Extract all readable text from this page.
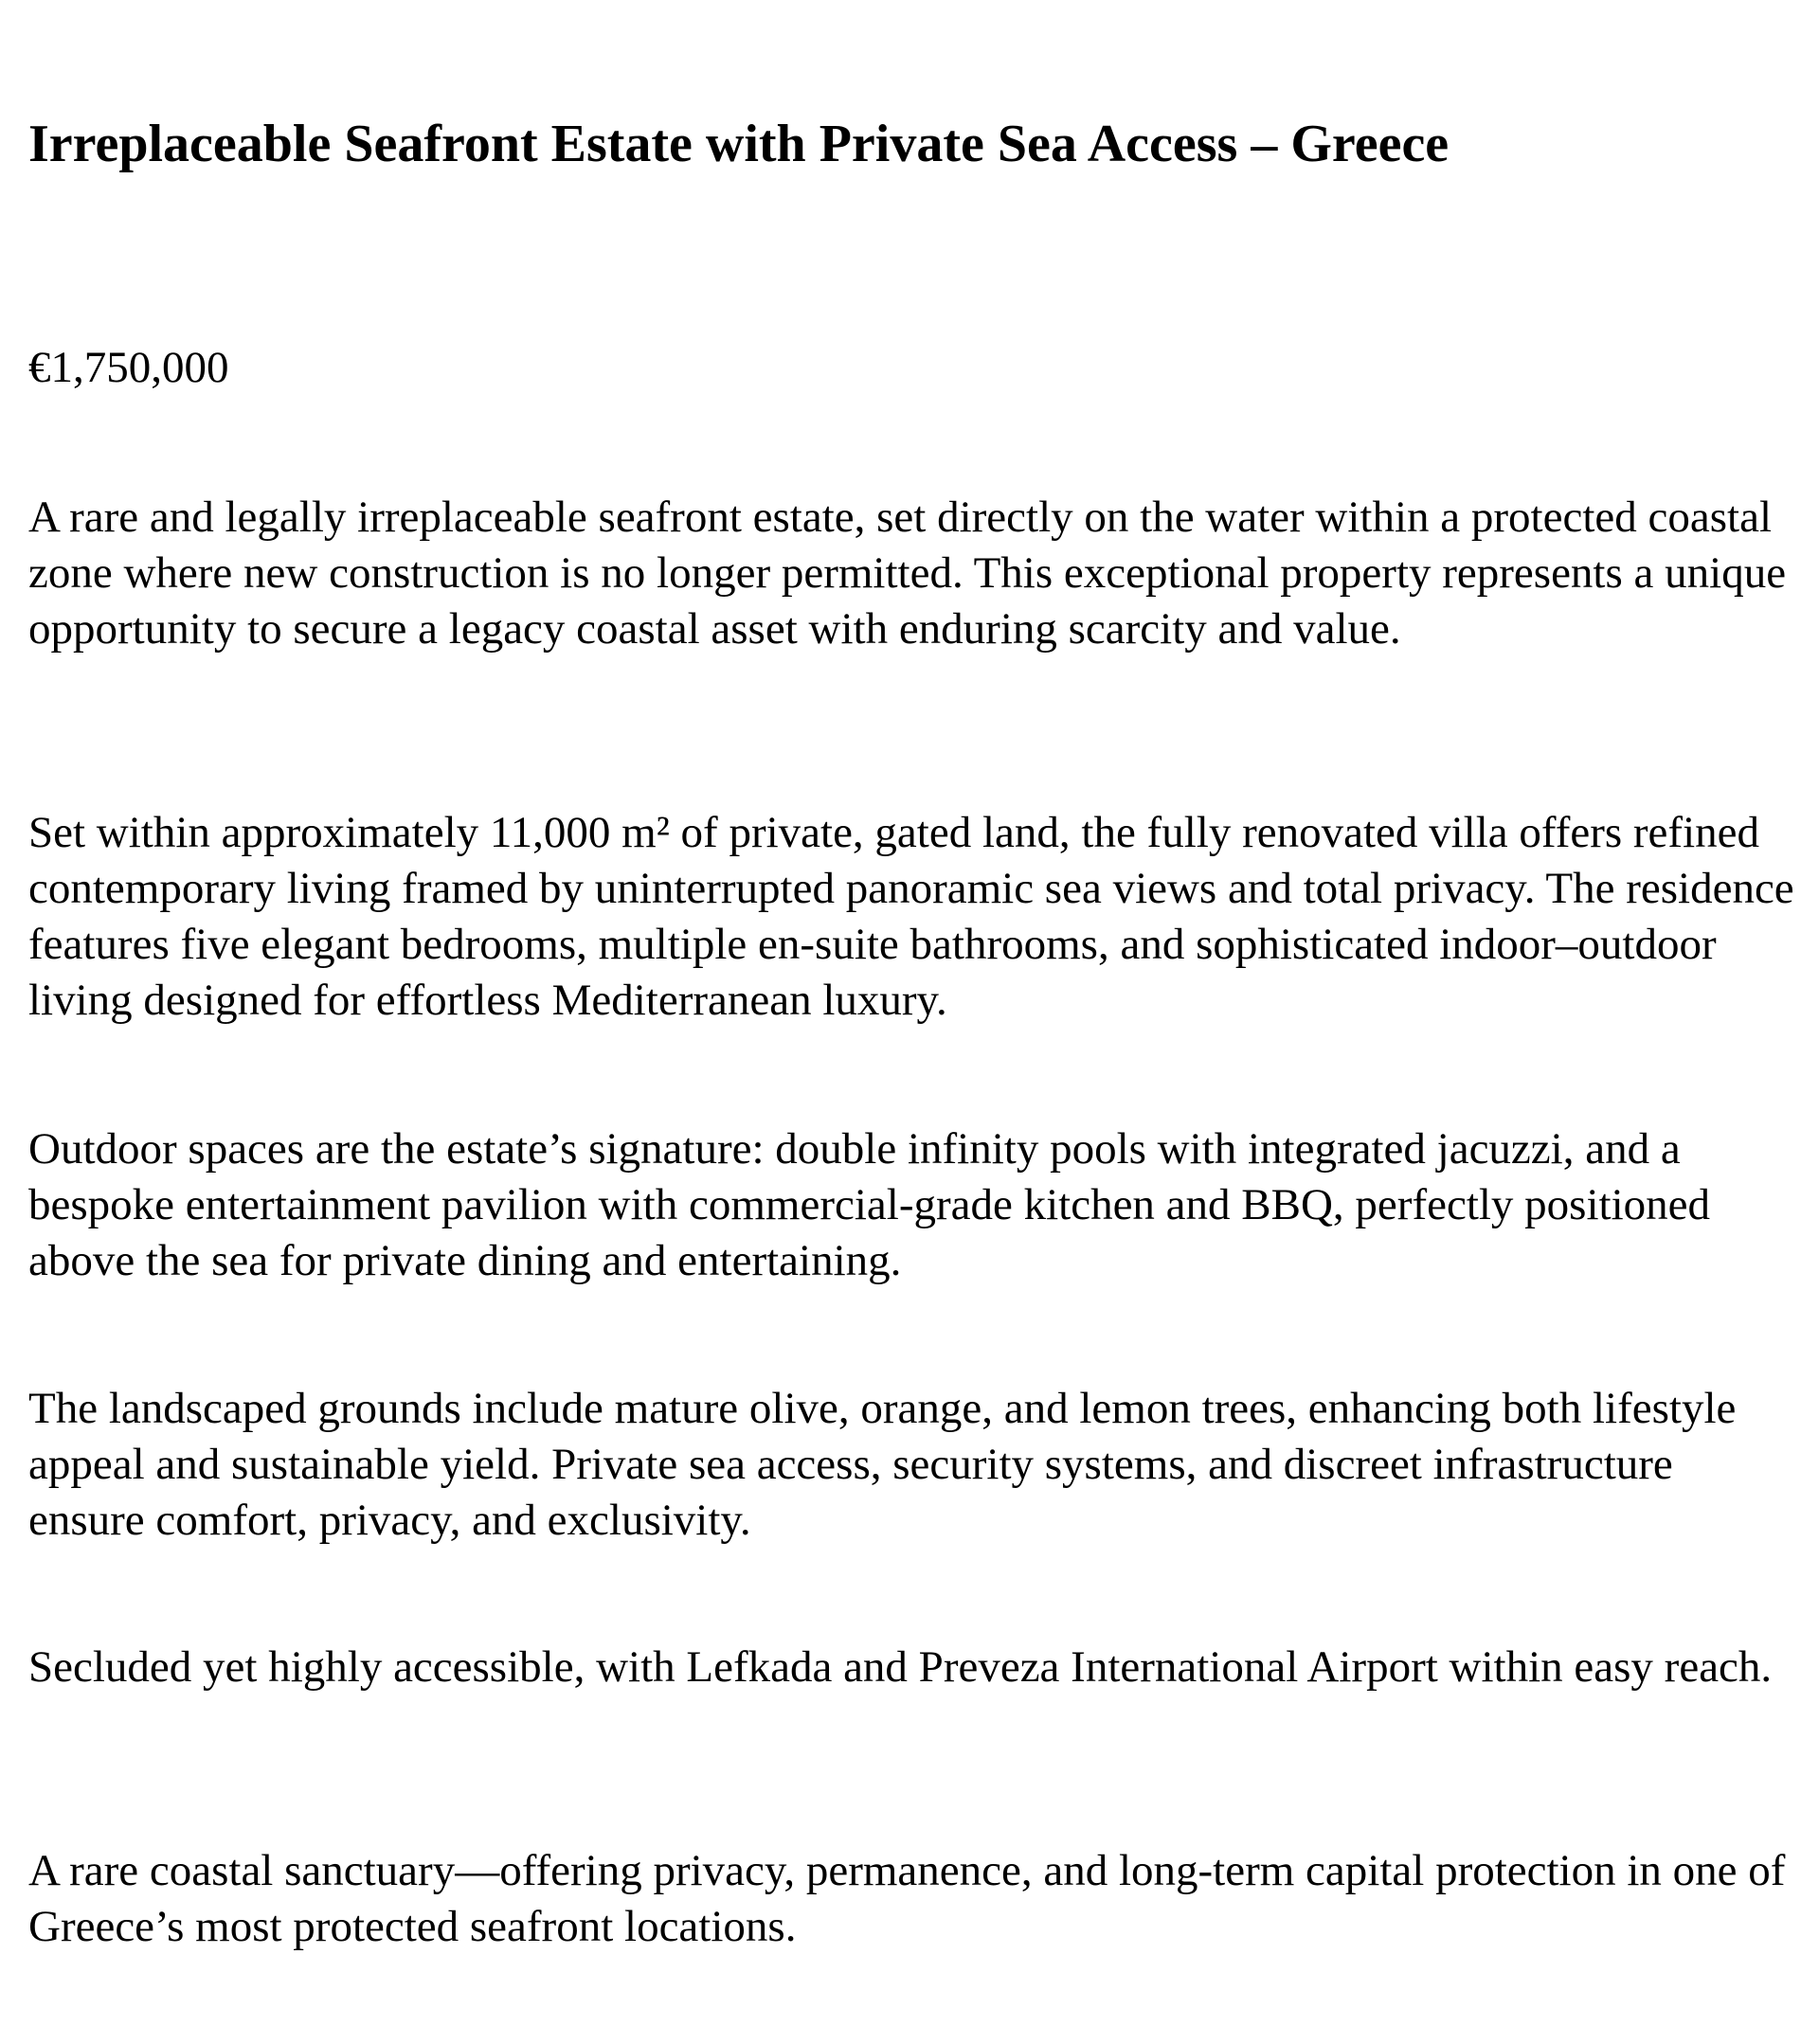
Irreplaceable Seafront Estate with Private Sea Access – Greece

€1,750,000

A rare and legally irreplaceable seafront estate, set directly on the water within a protected coastal zone where new construction is no longer permitted. This exceptional property represents a unique opportunity to secure a legacy coastal asset with enduring scarcity and value.

Set within approximately 11,000 m² of private, gated land, the fully renovated villa offers refined contemporary living framed by uninterrupted panoramic sea views and total privacy. The residence features five elegant bedrooms, multiple en-suite bathrooms, and sophisticated indoor–outdoor living designed for effortless Mediterranean luxury.

Outdoor spaces are the estate’s signature: double infinity pools with integrated jacuzzi, and a bespoke entertainment pavilion with commercial-grade kitchen and BBQ, perfectly positioned above the sea for private dining and entertaining.

The landscaped grounds include mature olive, orange, and lemon trees, enhancing both lifestyle appeal and sustainable yield. Private sea access, security systems, and discreet infrastructure ensure comfort, privacy, and exclusivity.

Secluded yet highly accessible, with Lefkada and Preveza International Airport within easy reach.

A rare coastal sanctuary—offering privacy, permanence, and long-term capital protection in one of Greece’s most protected seafront locations.
